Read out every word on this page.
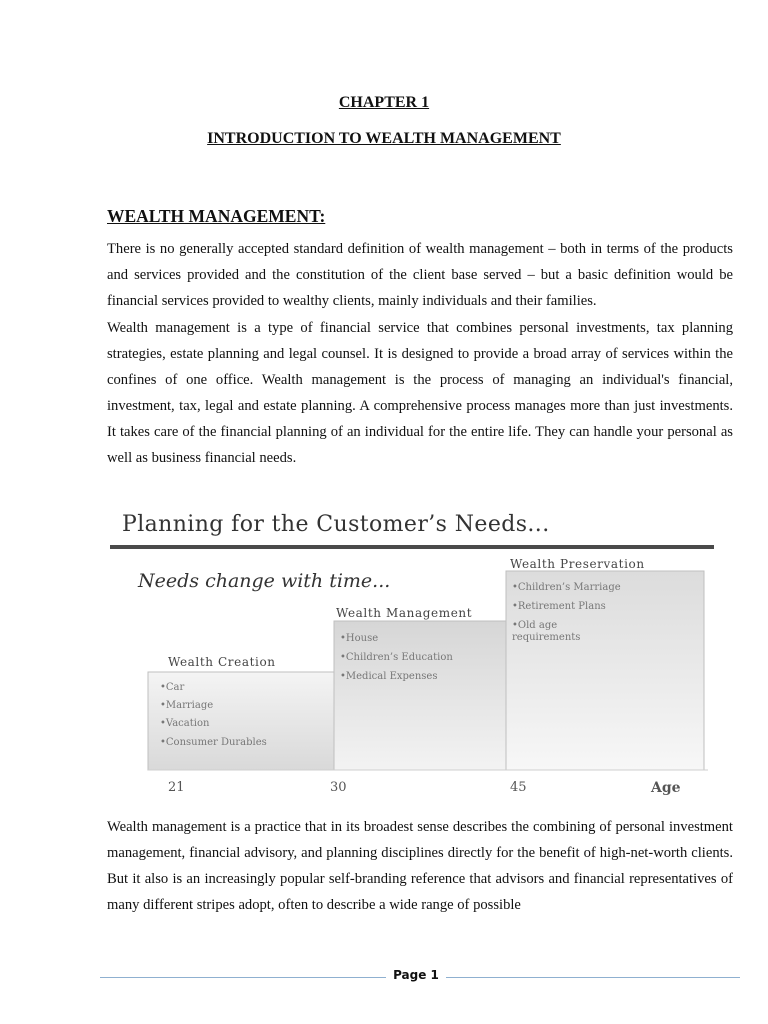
CHAPTER 1
INTRODUCTION TO WEALTH MANAGEMENT
WEALTH MANAGEMENT:
There is no generally accepted standard definition of wealth management – both in terms of the products and services provided and the constitution of the client base served – but a basic definition would be financial services provided to wealthy clients, mainly individuals and their families.
Wealth management is a type of financial service that combines personal investments, tax planning strategies, estate planning and legal counsel. It is designed to provide a broad array of services within the confines of one office. Wealth management is the process of managing an individual's financial, investment, tax, legal and estate planning. A comprehensive process manages more than just investments. It takes care of the financial planning of an individual for the entire life. They can handle your personal as well as business financial needs.
Planning for the Customer’s Needs...
Needs change with time...
Wealth Creation
Wealth Management
Wealth Preservation
•Car
•Marriage
•Vacation
•Consumer Durables
•House
•Children’s Education
•Medical Expenses
•Children’s Marriage
•Retirement Plans
•Old age requirements
21	30	45	Age
Wealth management is a practice that in its broadest sense describes the combining of personal investment management, financial advisory, and planning disciplines directly for the benefit of high-net-worth clients. But it also is an increasingly popular self-branding reference that advisors and financial representatives of many different stripes adopt, often to describe a wide range of possible
Page 1
